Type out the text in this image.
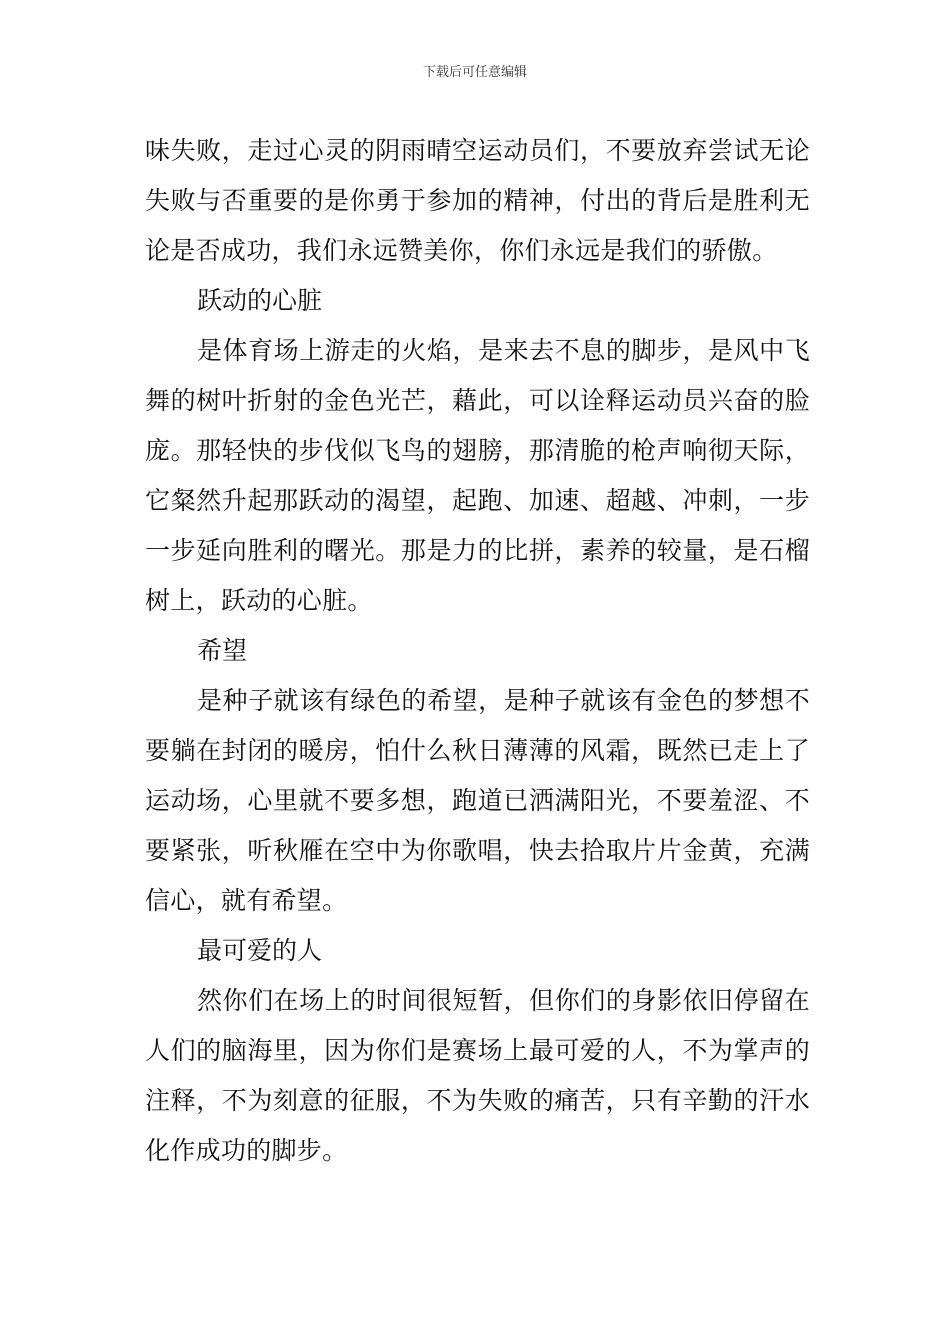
下载后可任意编辑

味失败，走过心灵的阴雨晴空运动员们，不要放弃尝试无论失败与否重要的是你勇于参加的精神，付出的背后是胜利无论是否成功，我们永远赞美你，你们永远是我们的骄傲。

跃动的心脏

是体育场上游走的火焰，是来去不息的脚步，是风中飞舞的树叶折射的金色光芒，藉此，可以诠释运动员兴奋的脸庞。那轻快的步伐似飞鸟的翅膀，那清脆的枪声响彻天际，它粲然升起那跃动的渴望，起跑、加速、超越、冲刺，一步一步延向胜利的曙光。那是力的比拼，素养的较量，是石榴树上，跃动的心脏。

希望

是种子就该有绿色的希望，是种子就该有金色的梦想不要躺在封闭的暖房，怕什么秋日薄薄的风霜，既然已走上了运动场，心里就不要多想，跑道已洒满阳光，不要羞涩、不要紧张，听秋雁在空中为你歌唱，快去拾取片片金黄，充满信心，就有希望。

最可爱的人

然你们在场上的时间很短暂，但你们的身影依旧停留在人们的脑海里，因为你们是赛场上最可爱的人，不为掌声的注释，不为刻意的征服，不为失败的痛苦，只有辛勤的汗水化作成功的脚步。
